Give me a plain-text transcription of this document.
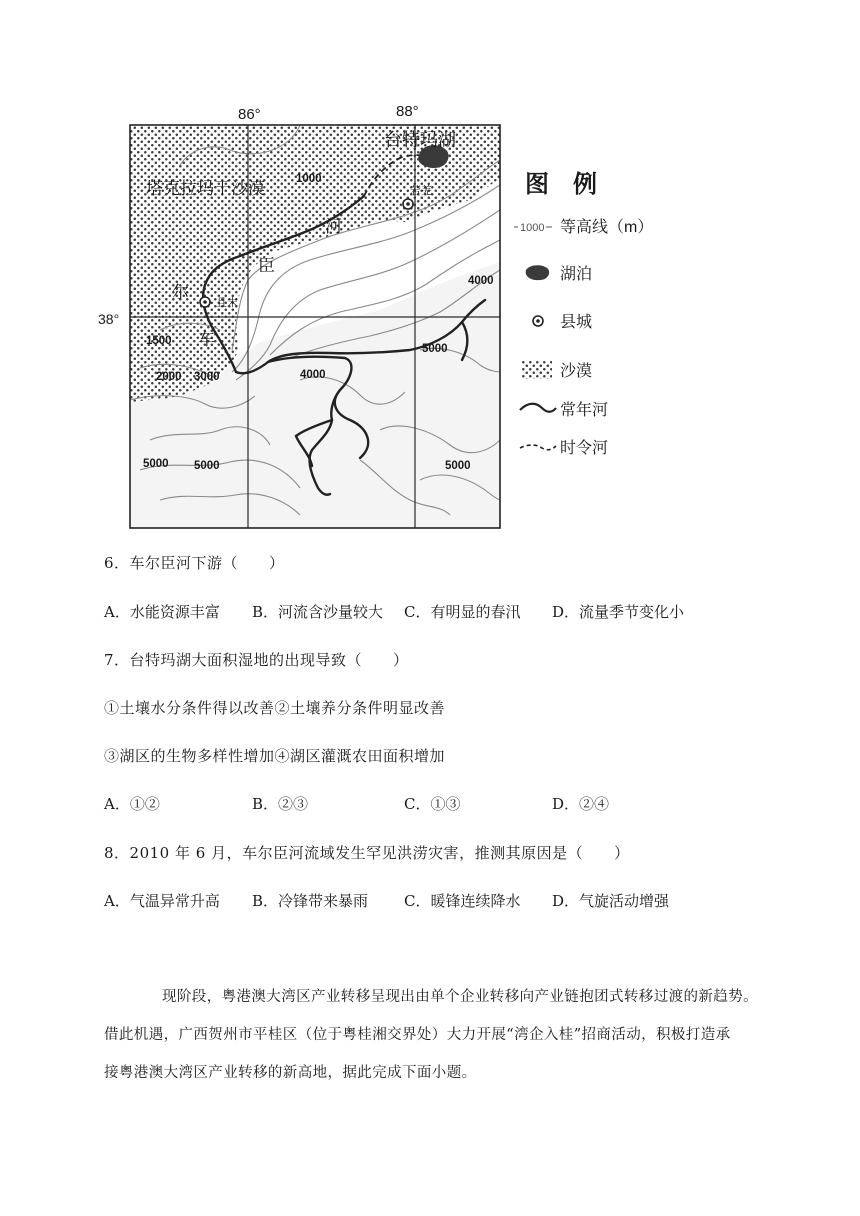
86°	88°
38°
台特玛湖
塔克拉玛干沙漠
河
臣
尔
车
若羌
且末
1000
1500
2000 3000
4000
4000
5000
5000 5000	5000
图　例
1000 等高线（m）
湖泊
县城
沙漠
常年河
时令河
6．车尔臣河下游（　　）
A．水能资源丰富 B．河流含沙量较大 C．有明显的春汛 D．流量季节变化小
7．台特玛湖大面积湿地的出现导致（　　）
①土壤水分条件得以改善②土壤养分条件明显改善
③湖区的生物多样性增加④湖区灌溉农田面积增加
A．①②	B．②③	C．①③	D．②④
8．2010 年 6 月，车尔臣河流域发生罕见洪涝灾害，推测其原因是（　　）
A．气温异常升高 B．冷锋带来暴雨 C．暖锋连续降水 D．气旋活动增强
现阶段，粤港澳大湾区产业转移呈现出由单个企业转移向产业链抱团式转移过渡的新趋势。
借此机遇，广西贺州市平桂区（位于粤桂湘交界处）大力开展“湾企入桂”招商活动，积极打造承
接粤港澳大湾区产业转移的新高地，据此完成下面小题。
